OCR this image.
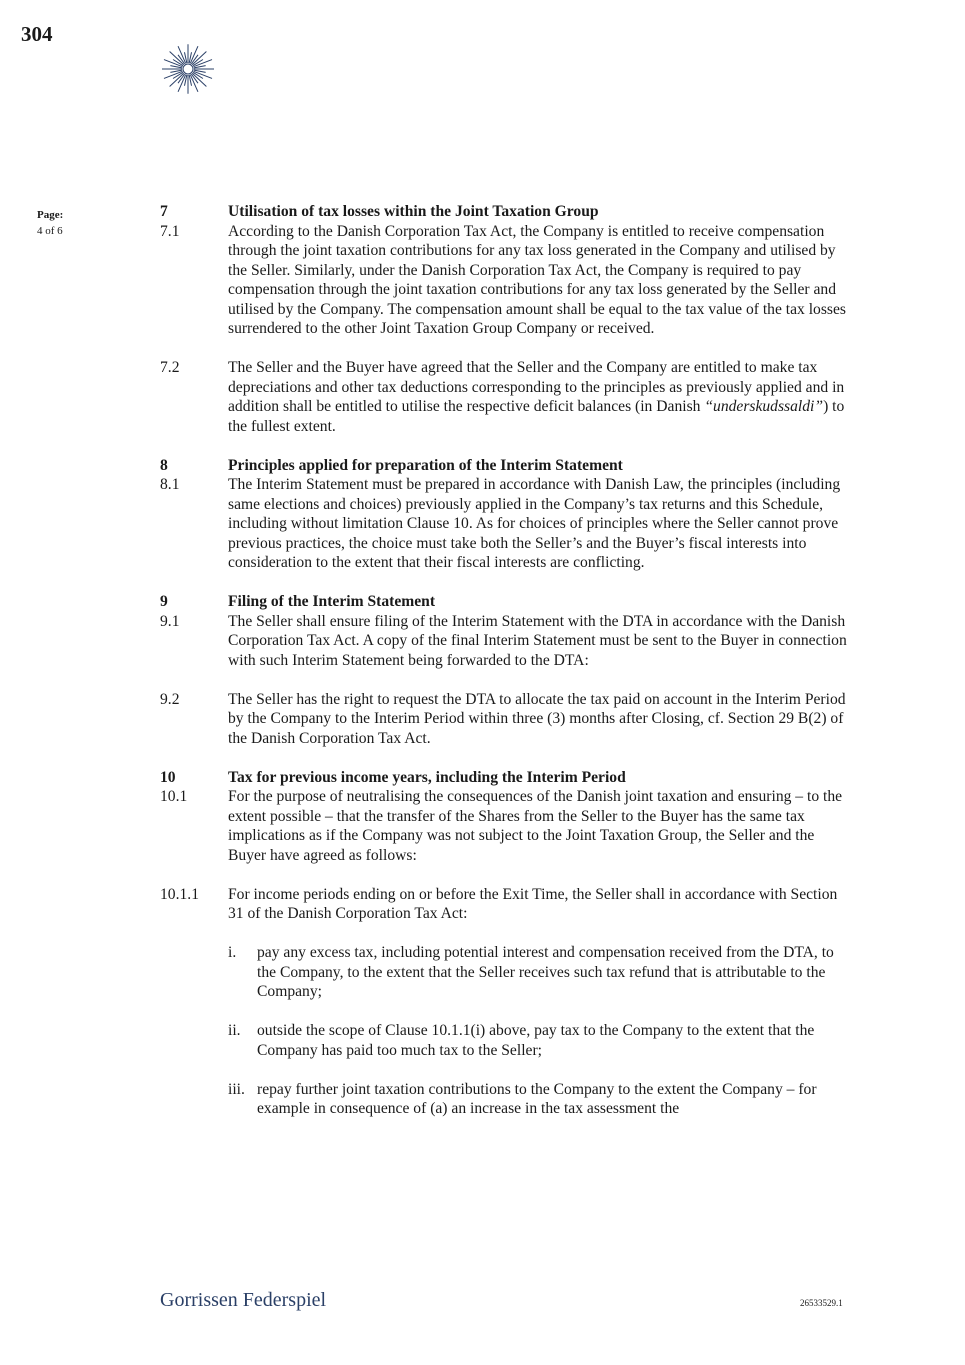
304
Page:
4 of 6
7	Utilisation of tax losses within the Joint Taxation Group
7.1	According to the Danish Corporation Tax Act, the Company is entitled to receive compensation through the joint taxation contributions for any tax loss generated in the Company and utilised by the Seller. Similarly, under the Danish Corporation Tax Act, the Company is required to pay compensation through the joint taxation contributions for any tax loss generated by the Seller and utilised by the Company. The compensation amount shall be equal to the tax value of the tax losses surrendered to the other Joint Taxation Group Company or received.
7.2	The Seller and the Buyer have agreed that the Seller and the Company are entitled to make tax depreciations and other tax deductions corresponding to the principles as previously applied and in addition shall be entitled to utilise the respective deficit balances (in Danish “underskudssaldi”) to the fullest extent.
8	Principles applied for preparation of the Interim Statement
8.1	The Interim Statement must be prepared in accordance with Danish Law, the principles (including same elections and choices) previously applied in the Company’s tax returns and this Schedule, including without limitation Clause 10. As for choices of principles where the Seller cannot prove previous practices, the choice must take both the Seller’s and the Buyer’s fiscal interests into consideration to the extent that their fiscal interests are conflicting.
9	Filing of the Interim Statement
9.1	The Seller shall ensure filing of the Interim Statement with the DTA in accordance with the Danish Corporation Tax Act. A copy of the final Interim Statement must be sent to the Buyer in connection with such Interim Statement being forwarded to the DTA:
9.2	The Seller has the right to request the DTA to allocate the tax paid on account in the Interim Period by the Company to the Interim Period within three (3) months after Closing, cf. Section 29 B(2) of the Danish Corporation Tax Act.
10	Tax for previous income years, including the Interim Period
10.1	For the purpose of neutralising the consequences of the Danish joint taxation and ensuring – to the extent possible – that the transfer of the Shares from the Seller to the Buyer has the same tax implications as if the Company was not subject to the Joint Taxation Group, the Seller and the Buyer have agreed as follows:
10.1.1	For income periods ending on or before the Exit Time, the Seller shall in accordance with Section 31 of the Danish Corporation Tax Act:
i.	pay any excess tax, including potential interest and compensation received from the DTA, to the Company, to the extent that the Seller receives such tax refund that is attributable to the Company;
ii.	outside the scope of Clause 10.1.1(i) above, pay tax to the Company to the extent that the Company has paid too much tax to the Seller;
iii. repay further joint taxation contributions to the Company to the extent the Company – for example in consequence of (a) an increase in the tax assessment the
Gorrissen Federspiel	26533529.1
